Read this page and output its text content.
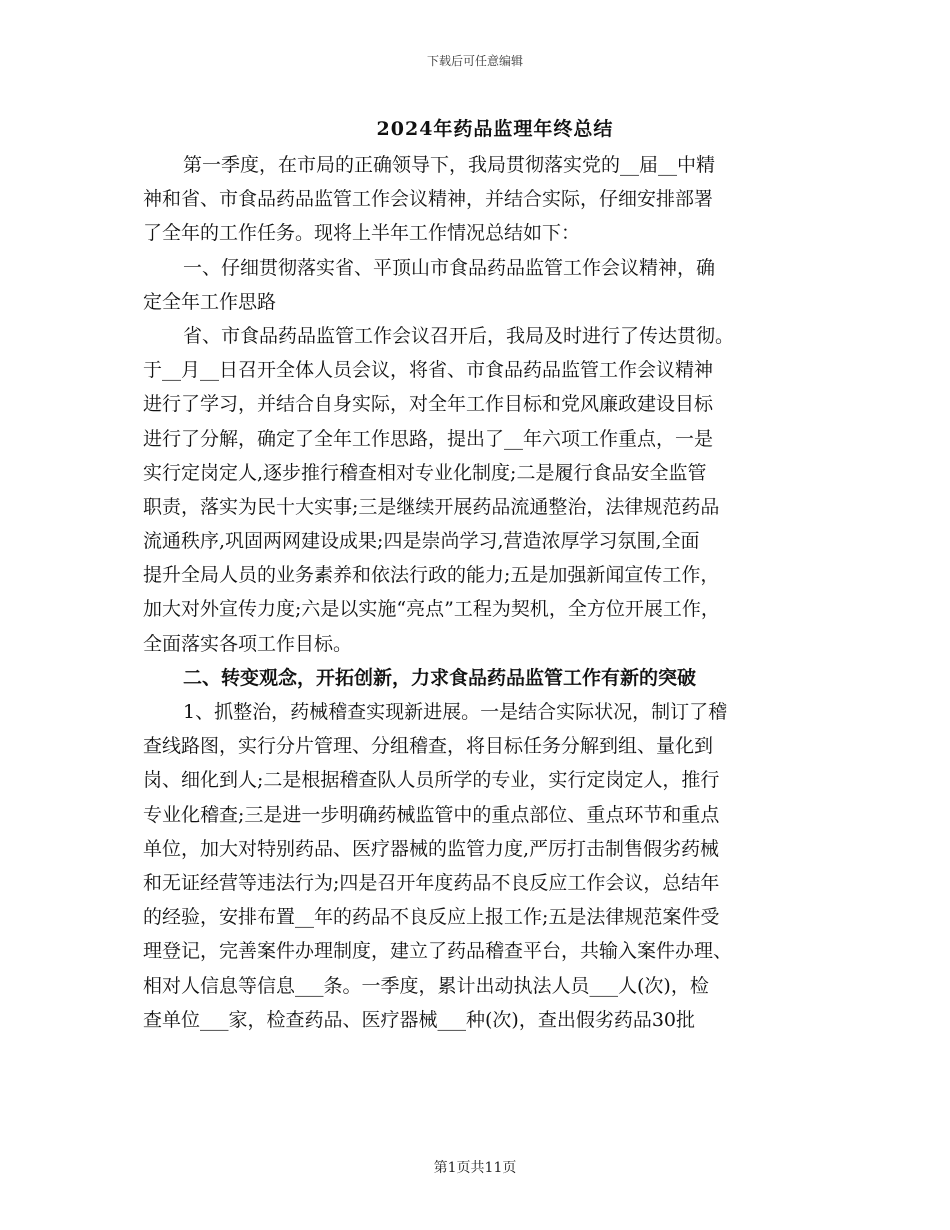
下载后可任意编辑
2024年药品监理年终总结
第一季度，在市局的正确领导下，我局贯彻落实党的__届__中精
神和省、市食品药品监管工作会议精神，并结合实际，仔细安排部署
了全年的工作任务。现将上半年工作情况总结如下：
一、仔细贯彻落实省、平顶山市食品药品监管工作会议精神，确
定全年工作思路
省、市食品药品监管工作会议召开后，我局及时进行了传达贯彻。
于__月__日召开全体人员会议，将省、市食品药品监管工作会议精神
进行了学习，并结合自身实际，对全年工作目标和党风廉政建设目标
进行了分解，确定了全年工作思路，提出了__年六项工作重点，一是
实行定岗定人,逐步推行稽查相对专业化制度;二是履行食品安全监管
职责，落实为民十大实事;三是继续开展药品流通整治，法律规范药品
流通秩序,巩固两网建设成果;四是崇尚学习,营造浓厚学习氛围,全面
提升全局人员的业务素养和依法行政的能力;五是加强新闻宣传工作，
加大对外宣传力度;六是以实施“亮点”工程为契机，全方位开展工作，
全面落实各项工作目标。
二、转变观念，开拓创新，力求食品药品监管工作有新的突破
1、抓整治，药械稽查实现新进展。一是结合实际状况，制订了稽
查线路图，实行分片管理、分组稽查，将目标任务分解到组、量化到
岗、细化到人;二是根据稽查队人员所学的专业，实行定岗定人，推行
专业化稽查;三是进一步明确药械监管中的重点部位、重点环节和重点
单位，加大对特别药品、医疗器械的监管力度,严厉打击制售假劣药械
和无证经营等违法行为;四是召开年度药品不良反应工作会议，总结年
的经验，安排布置__年的药品不良反应上报工作;五是法律规范案件受
理登记，完善案件办理制度，建立了药品稽查平台，共输入案件办理、
相对人信息等信息___条。一季度，累计出动执法人员___人(次)，检
查单位___家，检查药品、医疗器械___种(次)，查出假劣药品30批
第1页共11页
